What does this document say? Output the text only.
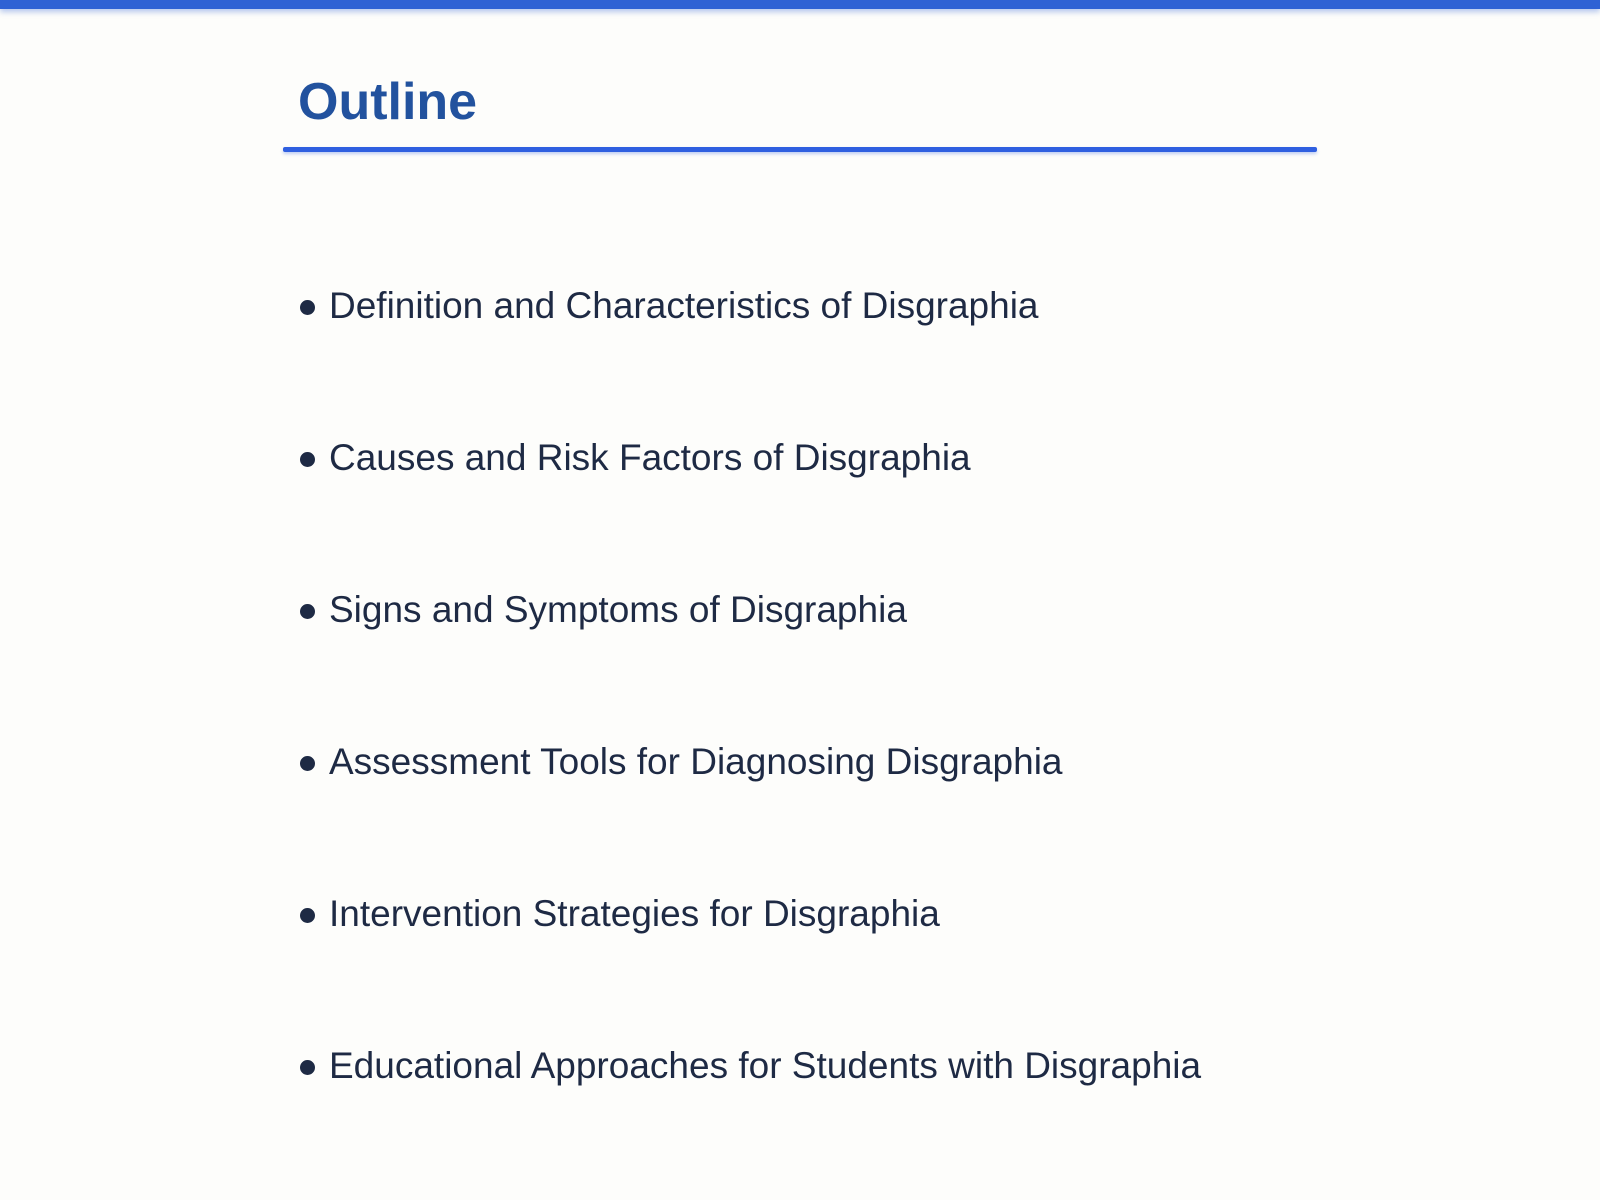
Outline
Definition and Characteristics of Disgraphia
Causes and Risk Factors of Disgraphia
Signs and Symptoms of Disgraphia
Assessment Tools for Diagnosing Disgraphia
Intervention Strategies for Disgraphia
Educational Approaches for Students with Disgraphia
